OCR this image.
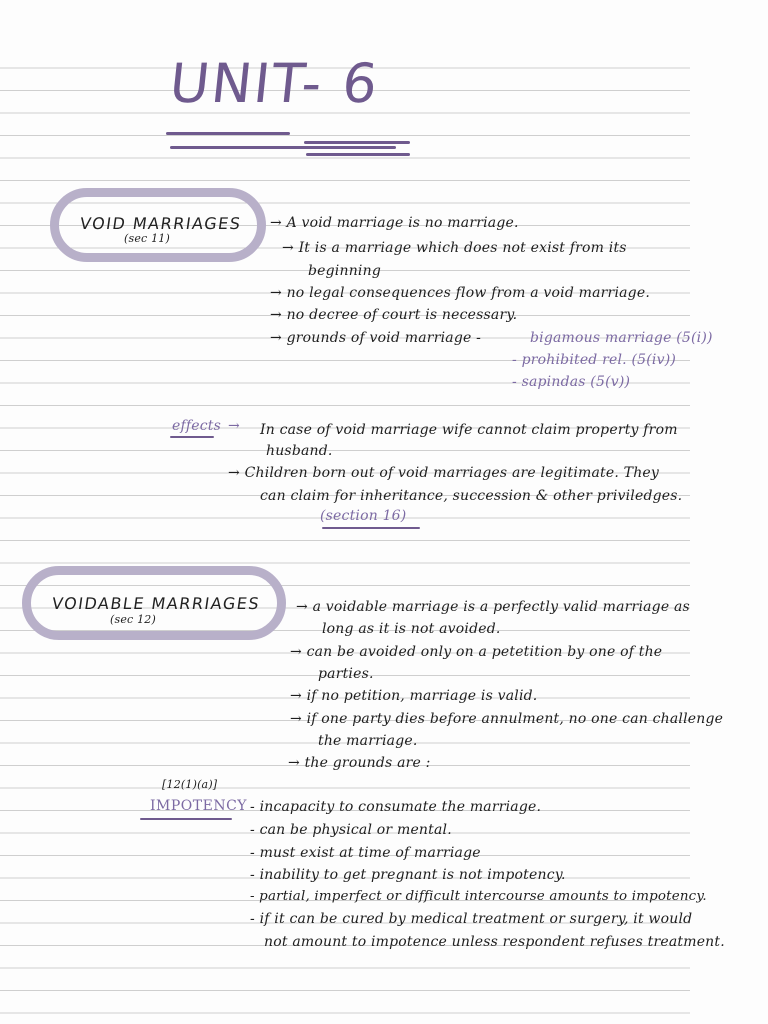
UNIT- 6
VOID MARRIAGES
(sec 11)
→ A void marriage is no marriage.
→ It is a marriage which does not exist from its
beginning
→ no legal consequences flow from a void marriage.
→ no decree of court is necessary.
→ grounds of void marriage -	bigamous marriage (5(i))
- prohibited rel. (5(iv))
- sapindas (5(v))
effects → In case of void marriage wife cannot claim property from
husband.
→ Children born out of void marriages are legitimate. They
can claim for inheritance, succession & other priviledges.
(section 16)
VOIDABLE MARRIAGES
(sec 12)
→ a voidable marriage is a perfectly valid marriage as
long as it is not avoided.
→ can be avoided only on a petetition by one of the
parties.
→ if no petition, marriage is valid.
→ if one party dies before annulment, no one can challenge
the marriage.
→ the grounds are :
[12(1)(a)]
IMPOTENCY - incapacity to consumate the marriage.
- can be physical or mental.
- must exist at time of marriage
- inability to get pregnant is not impotency.
- partial, imperfect or difficult intercourse amounts to impotency.
- if it can be cured by medical treatment or surgery, it would
not amount to impotence unless respondent refuses treatment.
